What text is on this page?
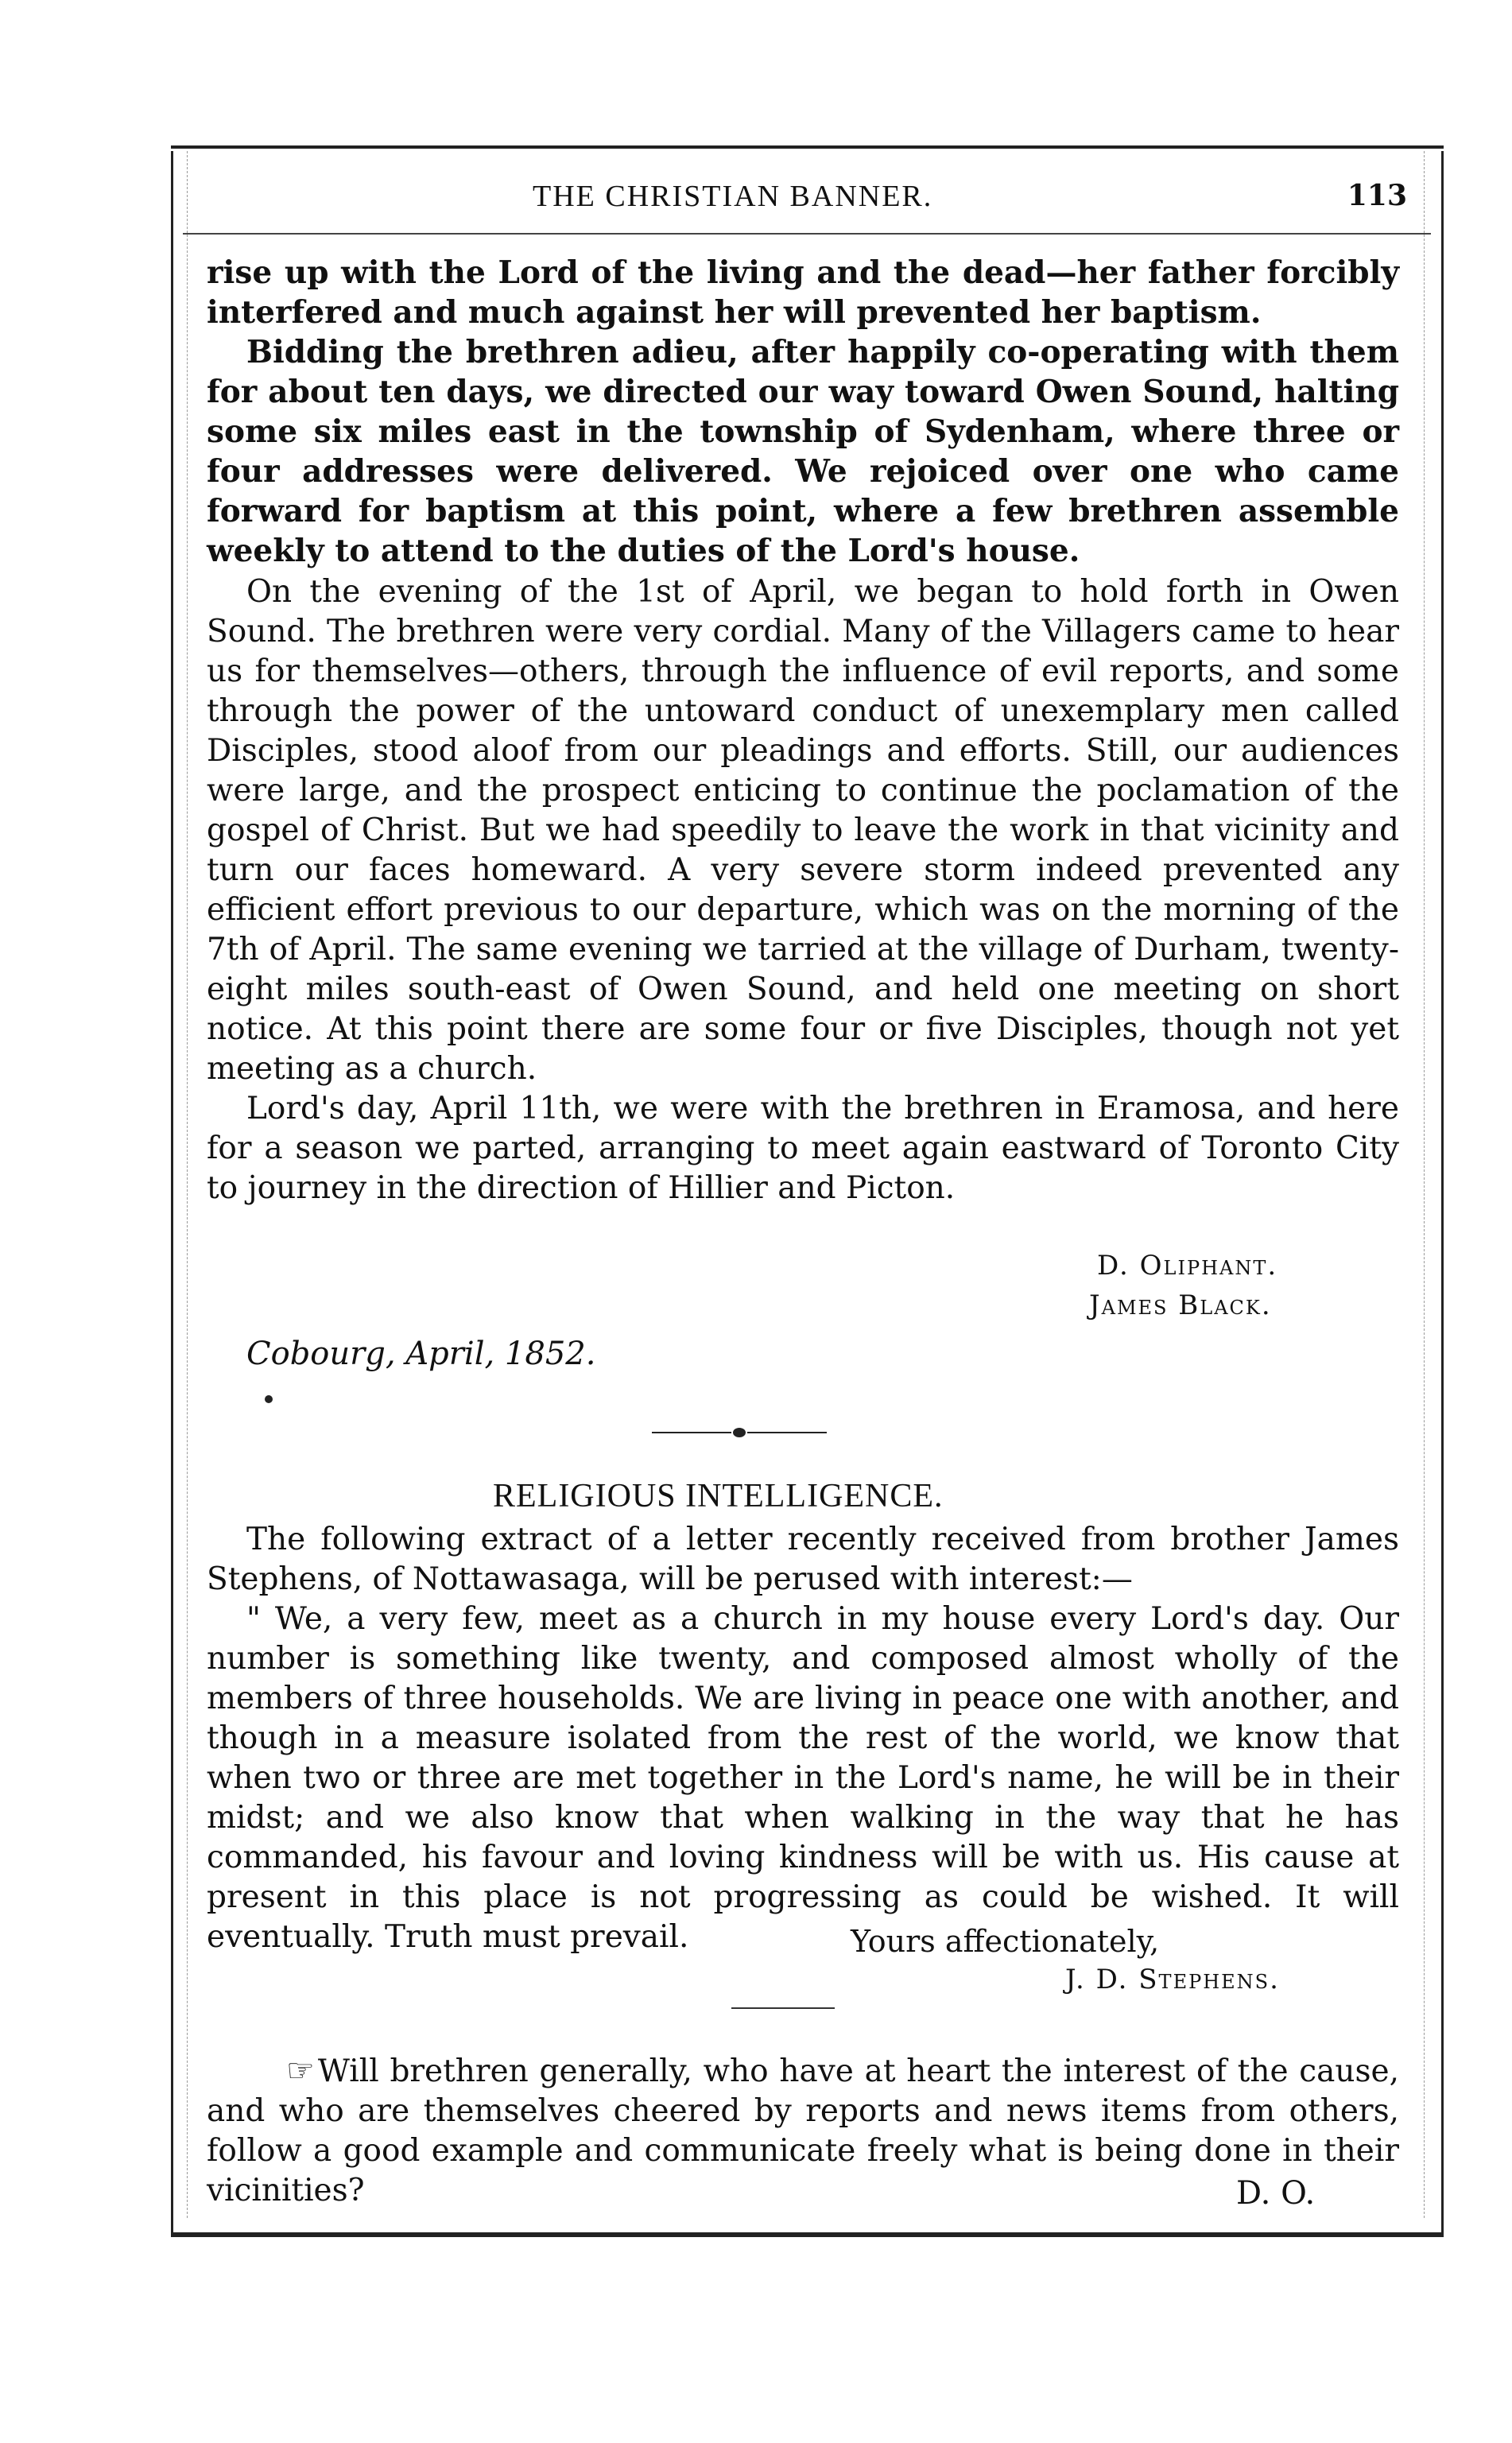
THE CHRISTIAN BANNER.	113

rise up with the Lord of the living and the dead—her father forcibly interfered and much against her will prevented her baptism.

Bidding the brethren adieu, after happily co-operating with them for about ten days, we directed our way toward Owen Sound, halting some six miles east in the township of Sydenham, where three or four addresses were delivered. We rejoiced over one who came forward for baptism at this point, where a few brethren assemble weekly to attend to the duties of the Lord's house.

On the evening of the 1st of April, we began to hold forth in Owen Sound. The brethren were very cordial. Many of the Villagers came to hear us for themselves—others, through the influence of evil reports, and some through the power of the untoward conduct of unexemplary men called Disciples, stood aloof from our pleadings and efforts. Still, our audiences were large, and the prospect enticing to continue the poclamation of the gospel of Christ. But we had speedily to leave the work in that vicinity and turn our faces homeward. A very severe storm indeed prevented any efficient effort previous to our departure, which was on the morning of the 7th of April. The same evening we tarried at the village of Durham, twenty-eight miles south-east of Owen Sound, and held one meeting on short notice. At this point there are some four or five Disciples, though not yet meeting as a church.

Lord's day, April 11th, we were with the brethren in Eramosa, and here for a season we parted, arranging to meet again eastward of Toronto City to journey in the direction of Hillier and Picton.

D. Oliphant.
James Black.
Cobourg, April, 1852.
RELIGIOUS INTELLIGENCE.

The following extract of a letter recently received from brother James Stephens, of Nottawasaga, will be perused with interest:—

" We, a very few, meet as a church in my house every Lord's day. Our number is something like twenty, and composed almost wholly of the members of three households. We are living in peace one with another, and though in a measure isolated from the rest of the world, we know that when two or three are met together in the Lord's name, he will be in their midst; and we also know that when walking in the way that he has commanded, his favour and loving kindness will be with us. His cause at present in this place is not progressing as could be wished. It will eventually. Truth must prevail.	Yours affectionately,
J. D. Stephens.

☞ Will brethren generally, who have at heart the interest of the cause, and who are themselves cheered by reports and news items from others, follow a good example and communicate freely what is being done in their vicinities?	D. O.
